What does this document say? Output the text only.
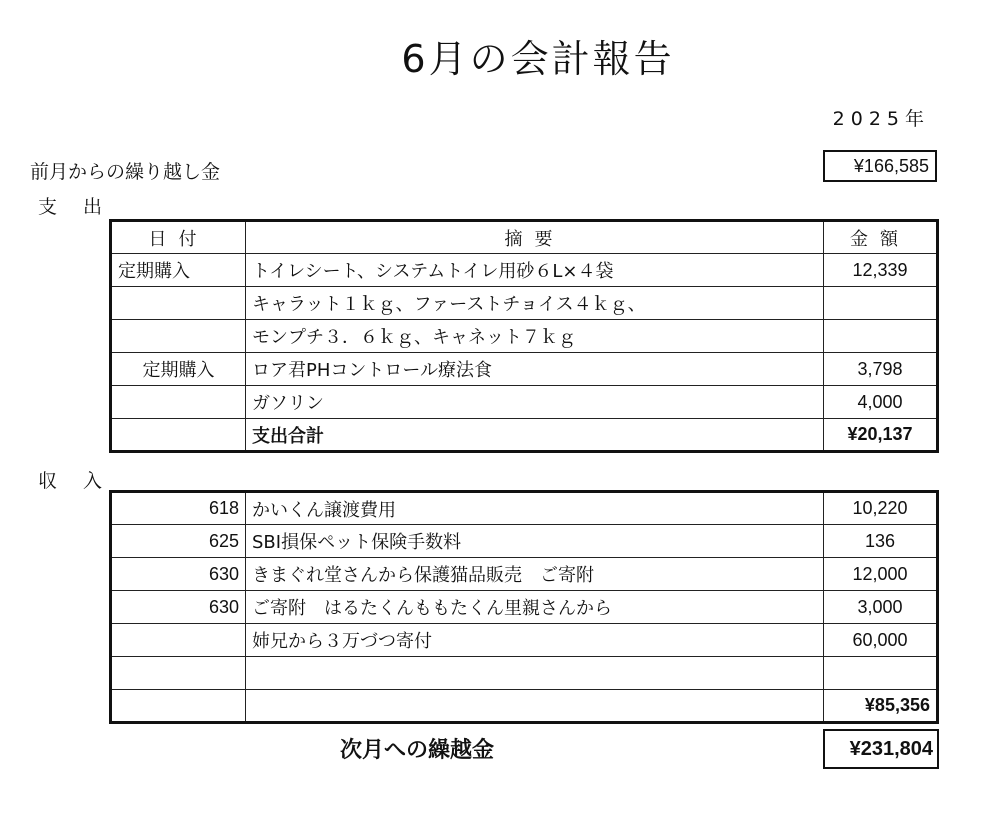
6月の会計報告
2025年
前月からの繰り越し金	¥166,585
支出
日付	摘要	金額
定期購入	トイレシート、システムトイレ用砂６L×４袋	12,339
	キャラット１ｋｇ、ファーストチョイス４ｋｇ、	
	モンプチ３．６ｋｇ、キャネット７ｋｇ	
定期購入	ロア君PHコントロール療法食	3,798
	ガソリン	4,000
	支出合計	¥20,137
収入
618	かいくん譲渡費用	10,220
625	SBI損保ペット保険手数料	136
630	きまぐれ堂さんから保護猫品販売　ご寄附	12,000
630	ご寄附　はるたくんももたくん里親さんから	3,000
	姉兄から３万づつ寄付	60,000

		¥85,356
次月への繰越金	¥231,804
